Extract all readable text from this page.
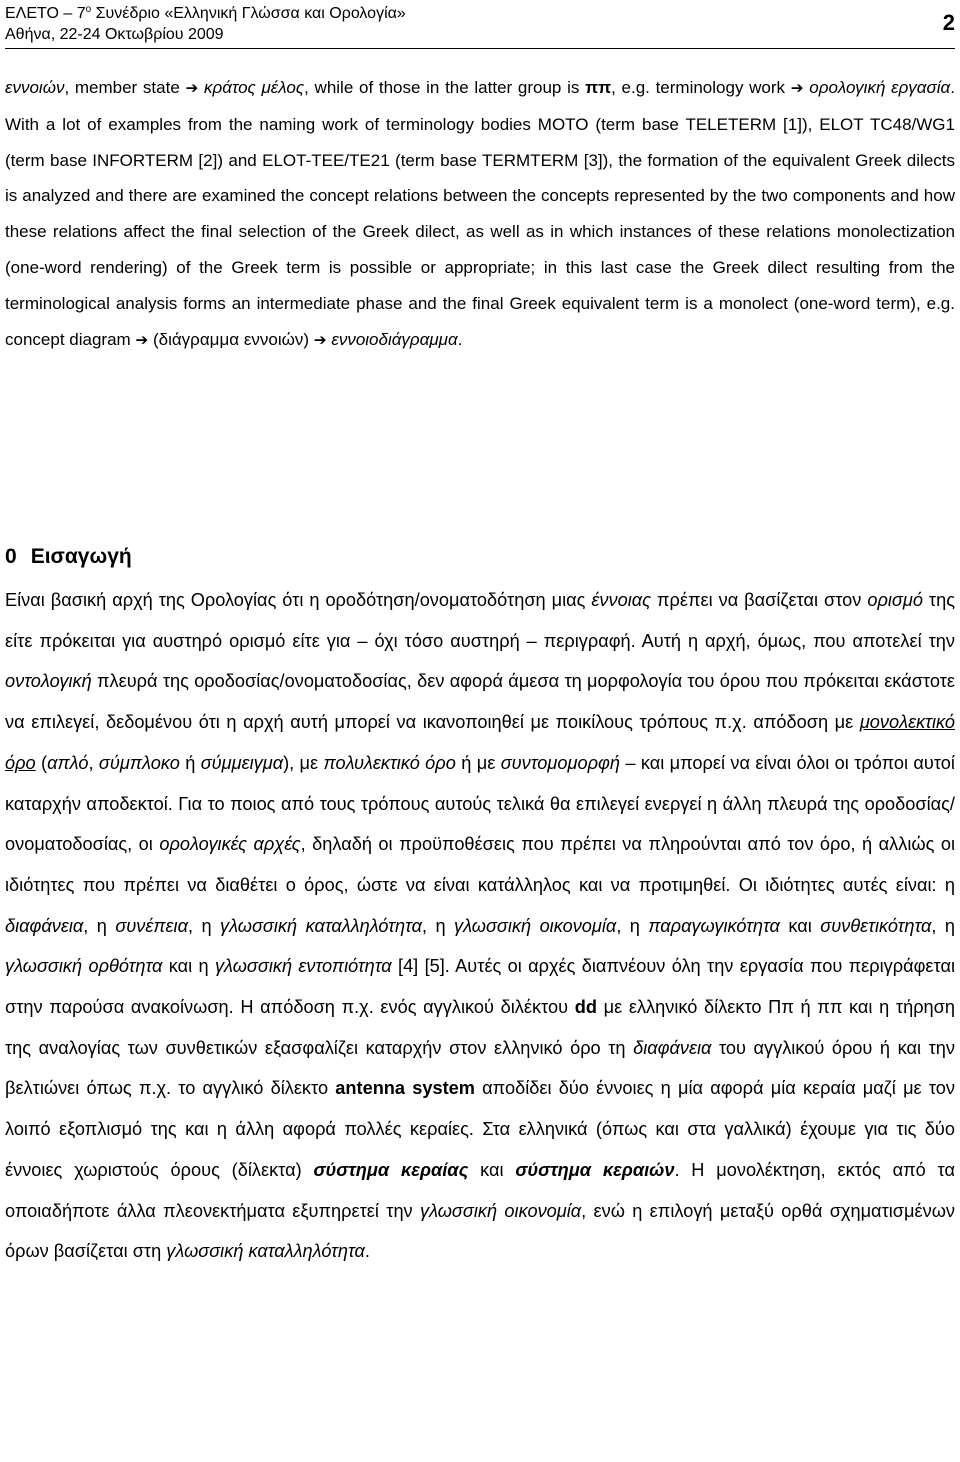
ΕΛΕΤΟ – $7^o$ Συνέδριο «Ελληνική Γλώσσα και Ορολογία»
Αθήνα, 22-24 Οκτωβρίου 2009	2

εννοιών, member state ➔ κράτος μέλος, while of those in the latter group is ππ, e.g. terminology work ➔ ορολογική εργασία. With a lot of examples from the naming work of terminology bodies MOTO (term base TELETERM [1]), ELOT TC48/WG1 (term base INFORTERM [2]) and ELOT-TEE/TE21 (term base TERMTERM [3]), the formation of the equivalent Greek dilects is analyzed and there are examined the concept relations between the concepts represented by the two components and how these relations affect the final selection of the Greek dilect, as well as in which instances of these relations monolectization (one-word rendering) of the Greek term is possible or appropriate; in this last case the Greek dilect resulting from the terminological analysis forms an intermediate phase and the final Greek equivalent term is a monolect (one-word term), e.g. concept diagram ➔ (διάγραμμα εννοιών) ➔ εννοιοδιάγραμμα.

0 Εισαγωγή

Είναι βασική αρχή της Ορολογίας ότι η οροδότηση/ονοματοδότηση μιας έννοιας πρέπει να βασίζεται στον ορισμό της είτε πρόκειται για αυστηρό ορισμό είτε για – όχι τόσο αυστηρή – περιγραφή. Αυτή η αρχή, όμως, που αποτελεί την οντολογική πλευρά της οροδοσίας/ονοματοδοσίας, δεν αφορά άμεσα τη μορφολογία του όρου που πρόκειται εκάστοτε να επιλεγεί, δεδομένου ότι η αρχή αυτή μπορεί να ικανοποιηθεί με ποικίλους τρόπους π.χ. απόδοση με μονολεκτικό όρο (απλό, σύμπλοκο ή σύμμειγμα), με πολυλεκτικό όρο ή με συντομομορφή – και μπορεί να είναι όλοι οι τρόποι αυτοί καταρχήν αποδεκτοί. Για το ποιος από τους τρόπους αυτούς τελικά θα επιλεγεί ενεργεί η άλλη πλευρά της οροδοσίας/ονοματοδοσίας, οι ορολογικές αρχές, δηλαδή οι προϋποθέσεις που πρέπει να πληρούνται από τον όρο, ή αλλιώς οι ιδιότητες που πρέπει να διαθέτει ο όρος, ώστε να είναι κατάλληλος και να προτιμηθεί. Οι ιδιότητες αυτές είναι: η διαφάνεια, η συνέπεια, η γλωσσική καταλληλότητα, η γλωσσική οικονομία, η παραγωγικότητα και συνθετικότητα, η γλωσσική ορθότητα και η γλωσσική εντοπιότητα [4] [5]. Αυτές οι αρχές διαπνέουν όλη την εργασία που περιγράφεται στην παρούσα ανακοίνωση. Η απόδοση π.χ. ενός αγγλικού διλέκτου dd με ελληνικό δίλεκτο Ππ ή ππ και η τήρηση της αναλογίας των συνθετικών εξασφαλίζει καταρχήν στον ελληνικό όρο τη διαφάνεια του αγγλικού όρου ή και την βελτιώνει όπως π.χ. το αγγλικό δίλεκτο antenna system αποδίδει δύο έννοιες η μία αφορά μία κεραία μαζί με τον λοιπό εξοπλισμό της και η άλλη αφορά πολλές κεραίες. Στα ελληνικά (όπως και στα γαλλικά) έχουμε για τις δύο έννοιες χωριστούς όρους (δίλεκτα) σύστημα κεραίας και σύστημα κεραιών. Η μονολέκτηση, εκτός από τα οποιαδήποτε άλλα πλεονεκτήματα εξυπηρετεί την γλωσσική οικονομία, ενώ η επιλογή μεταξύ ορθά σχηματισμένων όρων βασίζεται στη γλωσσική καταλληλότητα.
